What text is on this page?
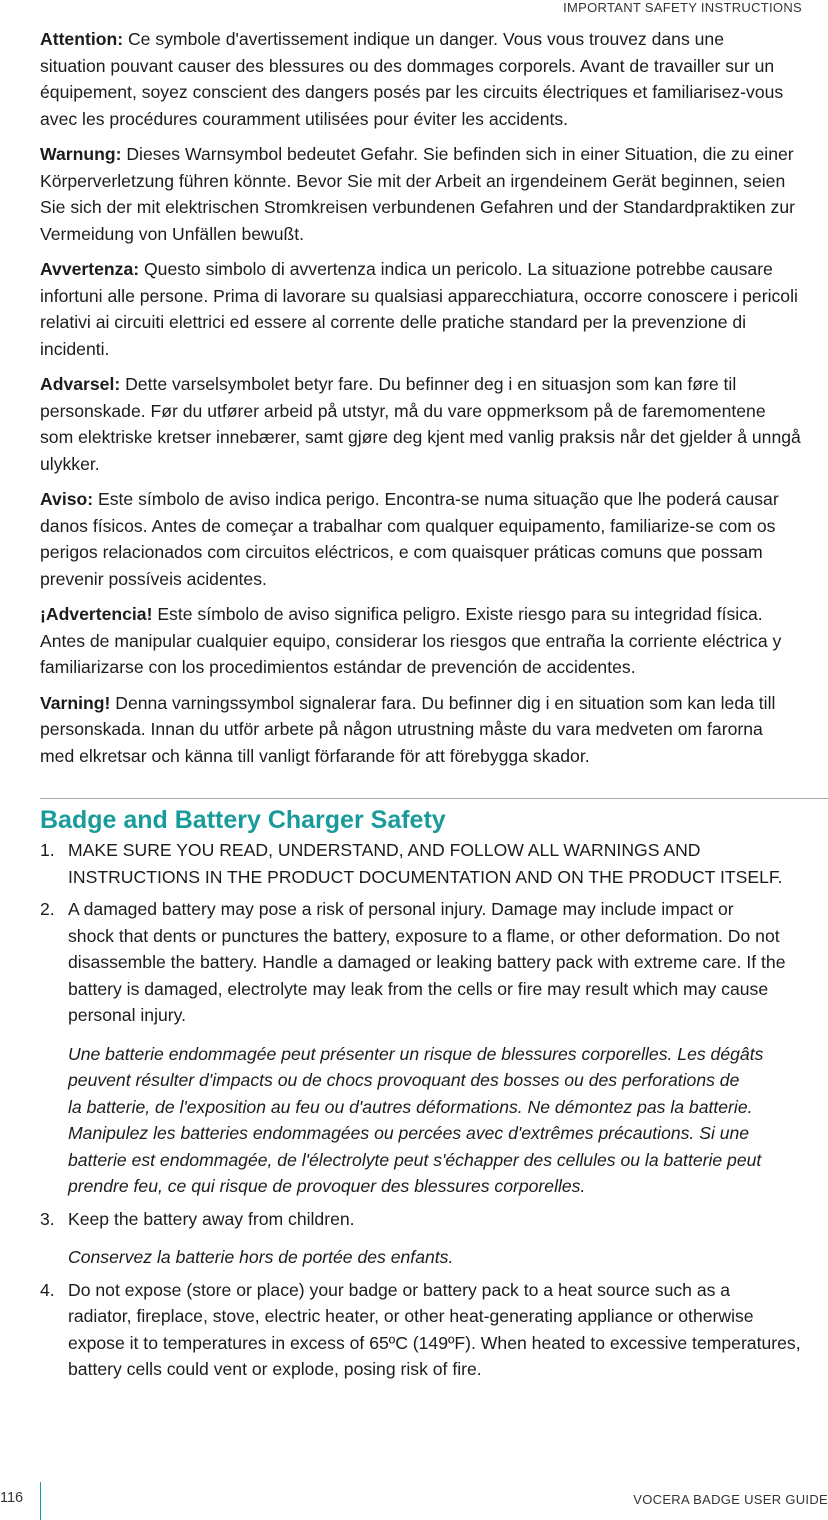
IMPORTANT SAFETY INSTRUCTIONS

Attention: Ce symbole d'avertissement indique un danger. Vous vous trouvez dans une
situation pouvant causer des blessures ou des dommages corporels. Avant de travailler sur un
équipement, soyez conscient des dangers posés par les circuits électriques et familiarisez-vous
avec les procédures couramment utilisées pour éviter les accidents.

Warnung: Dieses Warnsymbol bedeutet Gefahr. Sie befinden sich in einer Situation, die zu einer
Körperverletzung führen könnte. Bevor Sie mit der Arbeit an irgendeinem Gerät beginnen, seien
Sie sich der mit elektrischen Stromkreisen verbundenen Gefahren und der Standardpraktiken zur
Vermeidung von Unfällen bewußt.

Avvertenza: Questo simbolo di avvertenza indica un pericolo. La situazione potrebbe causare
infortuni alle persone. Prima di lavorare su qualsiasi apparecchiatura, occorre conoscere i pericoli
relativi ai circuiti elettrici ed essere al corrente delle pratiche standard per la prevenzione di
incidenti.

Advarsel: Dette varselsymbolet betyr fare. Du befinner deg i en situasjon som kan føre til
personskade. Før du utfører arbeid på utstyr, må du vare oppmerksom på de faremomentene
som elektriske kretser innebærer, samt gjøre deg kjent med vanlig praksis når det gjelder å unngå
ulykker.

Aviso: Este símbolo de aviso indica perigo. Encontra-se numa situação que lhe poderá causar
danos físicos. Antes de começar a trabalhar com qualquer equipamento, familiarize-se com os
perigos relacionados com circuitos eléctricos, e com quaisquer práticas comuns que possam
prevenir possíveis acidentes.

¡Advertencia! Este símbolo de aviso significa peligro. Existe riesgo para su integridad física.
Antes de manipular cualquier equipo, considerar los riesgos que entraña la corriente eléctrica y
familiarizarse con los procedimientos estándar de prevención de accidentes.

Varning! Denna varningssymbol signalerar fara. Du befinner dig i en situation som kan leda till
personskada. Innan du utför arbete på någon utrustning måste du vara medveten om farorna
med elkretsar och känna till vanligt förfarande för att förebygga skador.

Badge and Battery Charger Safety
1. MAKE SURE YOU READ, UNDERSTAND, AND FOLLOW ALL WARNINGS AND
INSTRUCTIONS IN THE PRODUCT DOCUMENTATION AND ON THE PRODUCT ITSELF.
2. A damaged battery may pose a risk of personal injury. Damage may include impact or
shock that dents or punctures the battery, exposure to a flame, or other deformation. Do not
disassemble the battery. Handle a damaged or leaking battery pack with extreme care. If the
battery is damaged, electrolyte may leak from the cells or fire may result which may cause
personal injury.
Une batterie endommagée peut présenter un risque de blessures corporelles. Les dégâts
peuvent résulter d'impacts ou de chocs provoquant des bosses ou des perforations de
la batterie, de l'exposition au feu ou d'autres déformations. Ne démontez pas la batterie.
Manipulez les batteries endommagées ou percées avec d'extrêmes précautions. Si une
batterie est endommagée, de l'électrolyte peut s'échapper des cellules ou la batterie peut
prendre feu, ce qui risque de provoquer des blessures corporelles.
3. Keep the battery away from children.
Conservez la batterie hors de portée des enfants.
4. Do not expose (store or place) your badge or battery pack to a heat source such as a
radiator, fireplace, stove, electric heater, or other heat-generating appliance or otherwise
expose it to temperatures in excess of 65ºC (149ºF). When heated to excessive temperatures,
battery cells could vent or explode, posing risk of fire.
116	VOCERA BADGE USER GUIDE
